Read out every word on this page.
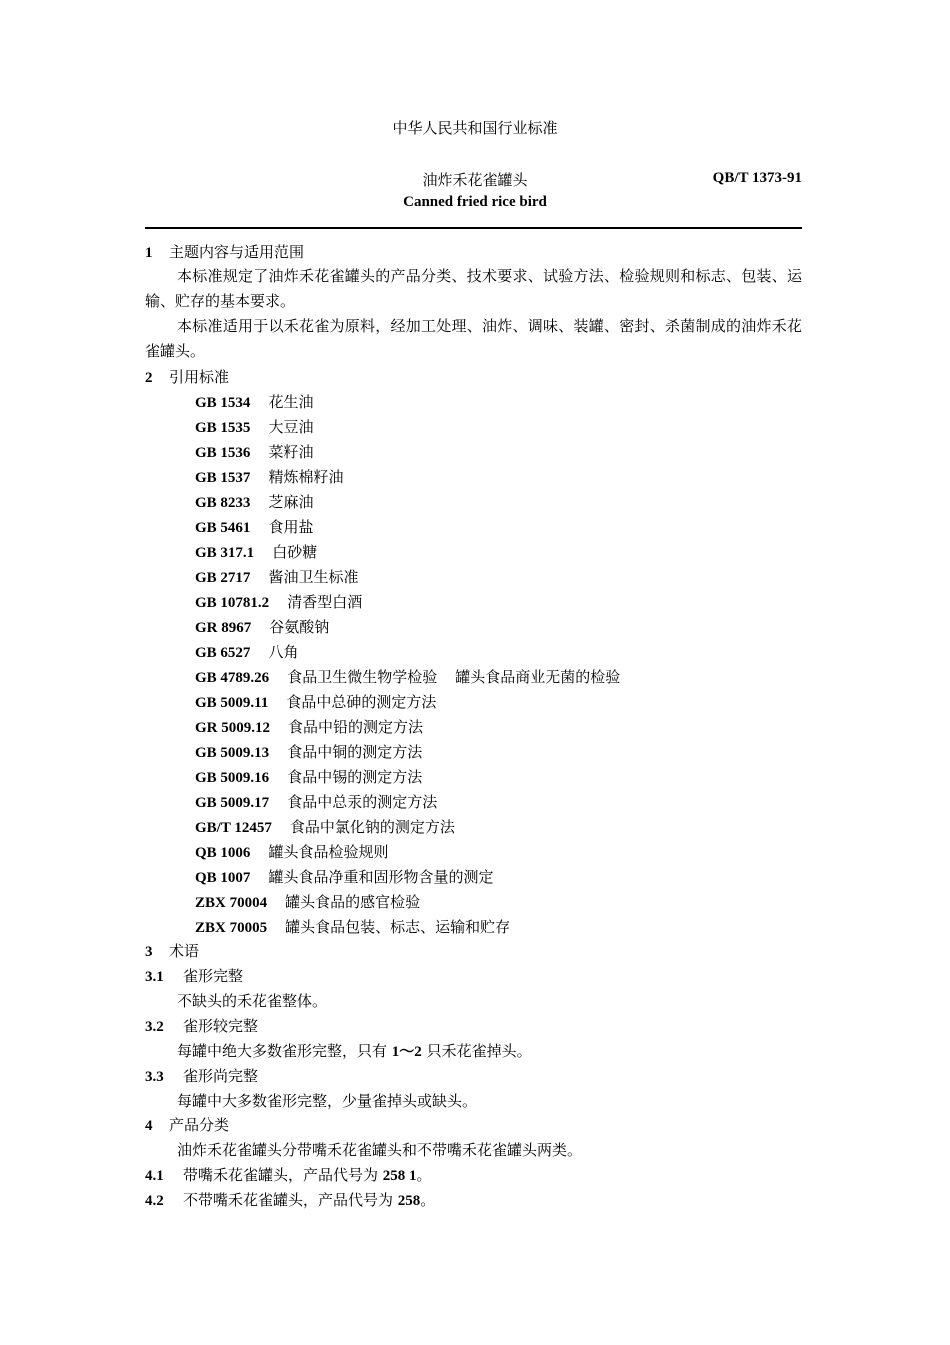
中华人民共和国行业标准
油炸禾花雀罐头	QB/T 1373-91
Canned fried rice bird
1 主题内容与适用范围
本标准规定了油炸禾花雀罐头的产品分类、技术要求、试验方法、检验规则和标志、包装、运输、贮存的基本要求。
本标准适用于以禾花雀为原料，经加工处理、油炸、调味、装罐、密封、杀菌制成的油炸禾花雀罐头。
2 引用标准
GB 1534 花生油
GB 1535 大豆油
GB 1536 菜籽油
GB 1537 精炼棉籽油
GB 8233 芝麻油
GB 5461 食用盐
GB 317.1 白砂糖
GB 2717 酱油卫生标准
GB 10781.2 清香型白酒
GR 8967 谷氨酸钠
GB 6527 八角
GB 4789.26 食品卫生微生物学检验 罐头食品商业无菌的检验
GB 5009.11 食品中总砷的测定方法
GR 5009.12 食品中铅的测定方法
GB 5009.13 食品中铜的测定方法
GB 5009.16 食品中锡的测定方法
GB 5009.17 食品中总汞的测定方法
GB/T 12457 食品中氯化钠的测定方法
QB 1006 罐头食品检验规则
QB 1007 罐头食品净重和固形物含量的测定
ZBX 70004 罐头食品的感官检验
ZBX 70005 罐头食品包装、标志、运输和贮存
3 术语
3.1 雀形完整
不缺头的禾花雀整体。
3.2 雀形较完整
每罐中绝大多数雀形完整，只有 1～2 只禾花雀掉头。
3.3 雀形尚完整
每罐中大多数雀形完整，少量雀掉头或缺头。
4 产品分类
油炸禾花雀罐头分带嘴禾花雀罐头和不带嘴禾花雀罐头两类。
4.1 带嘴禾花雀罐头，产品代号为 258 1。
4.2 不带嘴禾花雀罐头，产品代号为 258。
